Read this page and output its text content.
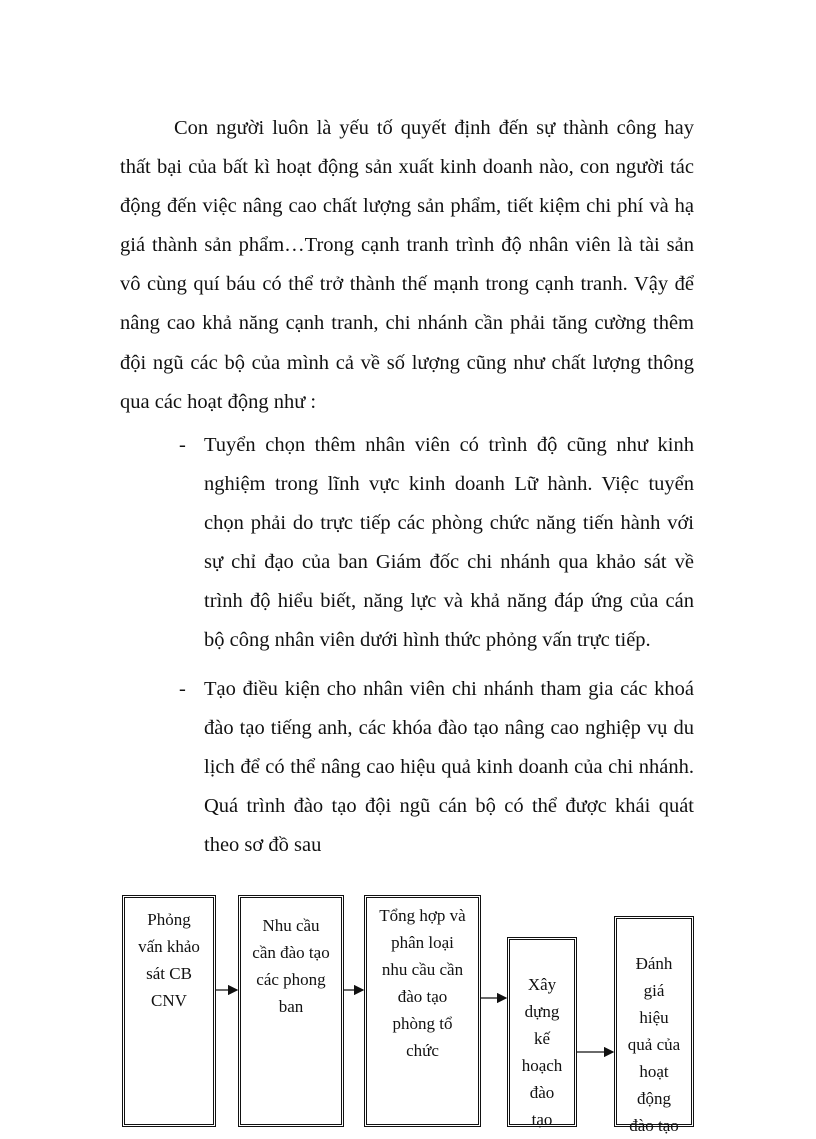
Con người luôn là yếu tố quyết định đến sự thành công hay thất bại của bất kì hoạt động sản xuất kinh doanh nào, con người tác động đến việc nâng cao chất lượng sản phẩm, tiết kiệm chi phí và hạ giá thành sản phẩm…Trong cạnh tranh trình độ nhân viên là tài sản vô cùng quí báu có thể trở thành thế mạnh trong cạnh tranh. Vậy để nâng cao khả năng cạnh tranh, chi nhánh cần phải tăng cường thêm đội ngũ các bộ của mình cả về số lượng cũng như chất lượng thông qua các hoạt động như :

- Tuyển chọn thêm nhân viên có trình độ cũng như kinh nghiệm trong lĩnh vực kinh doanh Lữ hành. Việc tuyển chọn phải do trực tiếp các phòng chức năng tiến hành với sự chỉ đạo của ban Giám đốc chi nhánh qua khảo sát về trình độ hiểu biết, năng lực và khả năng đáp ứng của cán bộ công nhân viên dưới hình thức phỏng vấn trực tiếp.

- Tạo điều kiện cho nhân viên chi nhánh tham gia các khoá đào tạo tiếng anh, các khóa đào tạo nâng cao nghiệp vụ du lịch để có thể nâng cao hiệu quả kinh doanh của chi nhánh. Quá trình đào tạo đội ngũ cán bộ có thể được khái quát theo sơ đồ sau

Phỏng
vấn khảo
sát CB
CNV
Nhu cầu
cần đào tạo
các phong
ban
Tổng hợp và
phân loại
nhu cầu cần
đào tạo
phòng tổ
chức
Xây
dựng
kế
hoạch
đào
tạo
Đánh
giá
hiệu
quả của
hoạt
động
đào tạo
